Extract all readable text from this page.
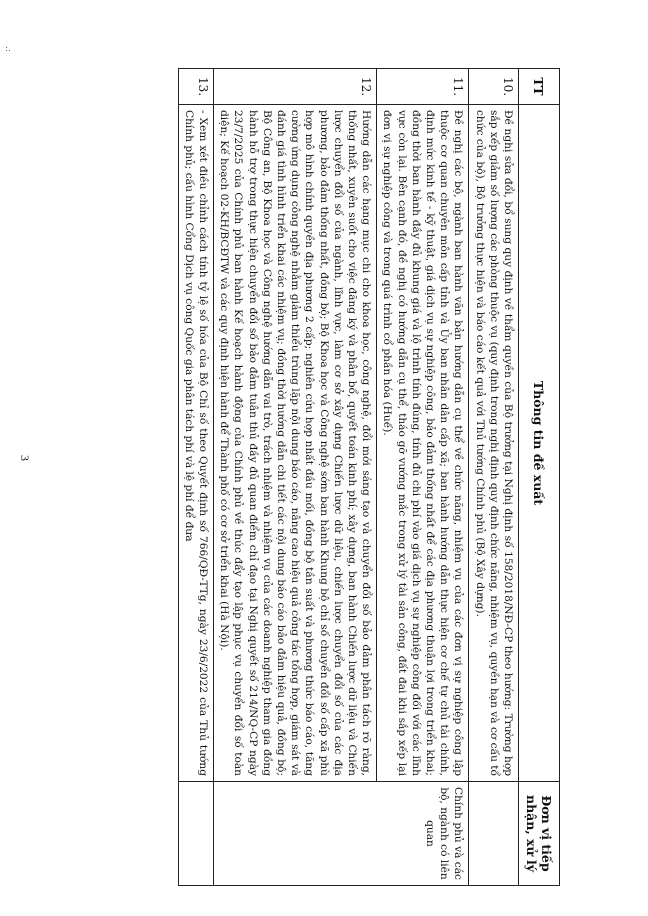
:.
TT	Thông tin đề xuất	Đơn vị tiếp nhận, xử lý
10.	Đề nghị sửa đổi, bổ sung quy định về thẩm quyền của Bộ trưởng tại Nghị định số 158/2018/NĐ-CP theo hướng: Trường hợp sắp xếp giảm số lượng các phòng thuộc vụ (quy định trong nghị định quy định chức năng, nhiệm vụ, quyền hạn và cơ cấu tổ chức của bộ), Bộ trưởng thực hiện và báo cáo kết quả với Thủ tướng Chính phủ (Bộ Xây dựng).	
11.	Đề nghị các bộ, ngành ban hành văn bản hướng dẫn cụ thể về chức năng, nhiệm vụ của các đơn vị sự nghiệp công lập thuộc cơ quan chuyên môn cấp tỉnh và Ủy ban nhân dân cấp xã; ban hành hướng dẫn thực hiện cơ chế tự chủ tài chính, định mức kinh tế - kỹ thuật, giá dịch vụ sự nghiệp công, bảo đảm thống nhất để các địa phương thuận lợi trong triển khai; đồng thời ban hành đầy đủ khung giá và lộ trình tính đúng, tính đủ chi phí vào giá dịch vụ sự nghiệp công đối với các lĩnh vực còn lại. Bên cạnh đó, đề nghị có hướng dẫn cụ thể, tháo gỡ vướng mắc trong xử lý tài sản công, đất đai khi sắp xếp lại đơn vị sự nghiệp công và trong quá trình cổ phần hóa (Huế).	Chính phủ và các bộ, ngành có liên quan
12.	Hướng dẫn các hạng mục chi cho khoa học, công nghệ, đổi mới sáng tạo và chuyển đổi số bảo đảm phân tách rõ ràng, thống nhất, xuyên suốt cho việc đăng ký và phân bổ, quyết toán kinh phí; xây dựng, ban hành Chiến lược dữ liệu và Chiến lược chuyển đổi số của ngành, lĩnh vực, làm cơ sở xây dựng Chiến lược dữ liệu, chiến lược chuyển đổi số của các địa phương, bảo đảm thống nhất, đồng bộ; Bộ Khoa học và Công nghệ sớm ban hành Khung bộ chỉ số chuyển đổi số cấp xã phù hợp mô hình chính quyền địa phương 2 cấp; nghiên cứu hợp nhất đầu mối, đồng bộ tần suất và phương thức báo cáo, tăng cường ứng dụng công nghệ nhằm giảm thiểu trùng lặp nội dung báo cáo, nâng cao hiệu quả công tác tổng hợp, giám sát và đánh giá tình hình triển khai các nhiệm vụ; đồng thời hướng dẫn chi tiết các nội dung báo cáo bảo đảm hiệu quả, đồng bộ; Bộ Công an, Bộ Khoa học và Công nghệ hướng dẫn vai trò, trách nhiệm và nhiệm vụ của các doanh nghiệp tham gia đồng hành hỗ trợ trong thực hiện chuyển đổi số bảo đảm tuân thủ đầy đủ quan điểm chỉ đạo tại Nghị quyết số 214/NQ-CP ngày 23/7/2025 của Chính phủ ban hành Kế hoạch hành động của Chính phủ về thúc đẩy tạo lập phục vụ chuyển đổi số toàn diện; Kế hoạch 02-KH/BCĐTW và các quy định hiện hành để Thành phố có cơ sở triển khai (Hà Nội).	
13.	- Xem xét điều chỉnh cách tính tỷ lệ số hóa của Bộ Chỉ số theo Quyết định số 766/QĐ-TTg, ngày 23/6/2022 của Thủ tướng Chính phủ; cấu hình Cổng Dịch vụ công Quốc gia phân tách phí và lệ phí để đưa	
3
